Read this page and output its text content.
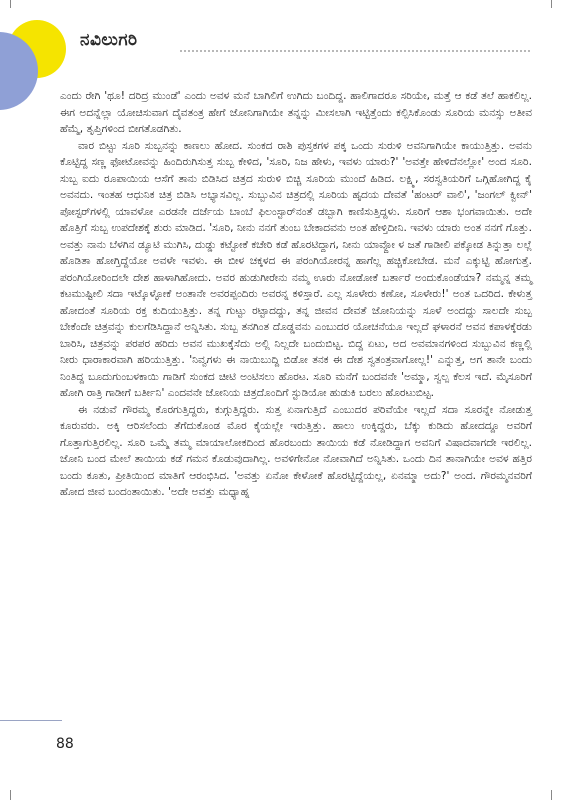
ನವಿಲುಗರಿ

ಎಂದು ರೇಗಿ 'ಥೂ! ದರಿದ್ರ ಮುಂಡೆ' ಎಂದು ಅವಳ ಮನೆ ಬಾಗಿಲಿಗೆ ಉಗಿದು ಬಂದಿದ್ದ. ಹಾಲಿಗಾದರೂ ಸರಿಯೇ, ಮತ್ತೆ ಆ ಕಡೆ ತಲೆ ಹಾಕಲಿಲ್ಲ. ಈಗ ಅದನ್ನೆಲ್ಲಾ ಯೋಚಿಸುವಾಗ ದೈವತಂತ್ರ ಹೇಗೆ ಜೋನಿಗಾಗಿಯೇ ತನ್ನನ್ನು ಮೀಸಲಾಗಿ ಇಟ್ಟಿತ್ತೆಂದು ಕಲ್ಪಿಸಿಕೊಂಡು ಸೂರಿಯ ಮನಸ್ಸು ಅತೀವ ಹೆಮ್ಮೆ, ತೃಪ್ತಿಗಳಿಂದ ಬೀಗತೊಡಗಿತು.

ವಾರ ಬಿಟ್ಟು ಸೂರಿ ಸುಬ್ಬನನ್ನು ಕಾಣಲು ಹೋದ. ಸುಂಕದ ರಾಶಿ ಪುಸ್ತಕಗಳ ಪಕ್ಕ ಒಂದು ಸುರುಳಿ ಅವನಿಗಾಗಿಯೇ ಕಾಯುತ್ತಿತ್ತು. ಅವನು ಕೊಟ್ಟಿದ್ದ ಸಣ್ಣ ಫೋಟೋವನ್ನು ಹಿಂದಿರುಗಿಸುತ್ತ ಸುಬ್ಬ ಕೇಳಿದ, 'ಸೂರಿ, ನಿಜ ಹೇಳು, ಇವಳು ಯಾರು?' 'ಅವತ್ತೇ ಹೇಳಿದೆನಲ್ಲೋ' ಅಂದ ಸೂರಿ. ಸುಬ್ಬ ಐದು ರೂಪಾಯಿಯ ಆಸೆಗೆ ತಾನು ಬಿಡಿಸಿದ ಚಿತ್ರದ ಸುರುಳಿ ಬಿಚ್ಚಿ ಸೂರಿಯ ಮುಂದೆ ಹಿಡಿದ. ಲಕ್ಷ್ಮಿ, ಸರಸ್ವತಿಯರಿಗೆ ಒಗ್ಗಿಹೋಗಿದ್ದ ಕೈ ಅವನದು. ಇಂತಹ ಆಧುನಿಕ ಚಿತ್ರ ಬಿಡಿಸಿ ಅಭ್ಯಾಸವಿಲ್ಲ. ಸುಬ್ಬುವಿನ ಚಿತ್ರದಲ್ಲಿ ಸೂರಿಯ ಹೃದಯ ದೇವತೆ 'ಹಂಟರ್ ವಾಲಿ', 'ಜಂಗಲ್ ಕ್ವೀನ್' ಪೋಸ್ಟರ್‌ಗಳಲ್ಲಿ ಯಾವಳೋ ಎರಡನೇ ದರ್ಜೆಯ ಬಾಂಬೆ ಫಿಲಂಸ್ಟಾರ್‌ನಂತೆ ಡಬ್ಬಾಗಿ ಕಾಣಿಸುತ್ತಿದ್ದಳು. ಸೂರಿಗೆ ಆಶಾ ಭಂಗವಾಯಿತು. ಅದೇ ಹೊತ್ತಿಗೆ ಸುಬ್ಬ ಉಪದೇಶಕ್ಕೆ ಶುರು ಮಾಡಿದ. 'ಸೂರಿ, ನೀನು ನನಗೆ ತುಂಬ ಬೇಕಾದವನು ಅಂತ ಹೇಳ್ತಿದೀನಿ. ಇವಳು ಯಾರು ಅಂತ ನನಗೆ ಗೊತ್ತು. ಅವತ್ತು ನಾನು ಬೆಳಗಿನ ಡ್ಯೂಟಿ ಮುಗಿಸಿ, ದುಡ್ಡು ಕಟ್ಟೋಕೆ ಕಚೇರಿ ಕಡೆ ಹೊರಟಿದ್ದಾಗ, ನೀನು ಯಾವ್ದೋ ಳ ಜತೆ ಗಾಡೀಲಿ ಪಕ್ಕೋಡ ತಿನ್ನುತ್ತಾ ಲಲ್ಲೆ ಹೊಡಿತಾ ಹೋಗ್ತಿದ್ದೆಯೋ ಅವಳೇ ಇವಳು. ಈ ಬೀಳ ಚಕ್ಕಳದ ಈ ಪರಂಗಿಯೋರನ್ನ ಹಾಗೆಲ್ಲ ಹಚ್ಚಿಕೋಬೇಡ. ಮನೆ ಎಕ್ಕುಟ್ಟಿ ಹೋಗುತ್ತೆ. ಪರಂಗಿಯೋರಿಂದಲೇ ದೇಶ ಹಾಳಾಗಿಹೋದು. ಅವರ ಹುಡುಗೀರೇನು ನಮ್ಮ ಊರು ನೋಡೋಕೆ ಬರ್ತಾರೆ ಅಂದುಕೊಂಡೆಯಾ? ನಮ್ಮನ್ನ ತಮ್ಮ ಕಟಮುಷ್ಟೀಲಿ ಸದಾ ಇಟ್ಕೊಳ್ಳೋಕೆ ಅಂತಾನೇ ಅವರಪ್ಪಂದಿರು ಅವರನ್ನ ಕಳಿಸ್ತಾರೆ. ಎಲ್ಲ ಸೂಳೇರು ಕಣೋ, ಸೂಳೇರು!' ಅಂತ ಒದರಿದ. ಕೇಳುತ್ತ ಹೋದಂತೆ ಸೂರಿಯ ರಕ್ತ ಕುದಿಯುತ್ತಿತ್ತು. ತನ್ನ ಗುಟ್ಟು ರಟ್ಟಾದದ್ದು, ತನ್ನ ಜೀವನ ದೇವತೆ ಜೋನಿಯನ್ನು ಸೂಳೆ ಅಂದದ್ದು ಸಾಲದೇ ಸುಬ್ಬ ಬೇಕೆಂದೇ ಚಿತ್ರವನ್ನು ಕುಲಗೆಡಿಸಿದ್ದಾನೆ ಅನ್ನಿಸಿತು. ಸುಬ್ಬ ತನಗಿಂತ ದೊಡ್ಡವನು ಎಂಬುದರ ಯೋಚನೆಯೂ ಇಲ್ಲದೆ ಘಳಾರನೆ ಅವನ ಕಪಾಳಕ್ಕೆರಡು ಬಾರಿಸಿ, ಚಿತ್ರವನ್ನು ಪರಪರ ಹರಿದು ಅವನ ಮುಖಕ್ಕೆಸೆದು ಅಲ್ಲಿ ನಿಲ್ಲದೇ ಬಂದುಬಿಟ್ಟ. ಬಿದ್ದ ಏಟು, ಅದ ಅವಮಾನಗಳಿಂದ ಸುಬ್ಬುವಿನ ಕಣ್ಣಲ್ಲಿ ನೀರು ಧಾರಾಕಾರವಾಗಿ ಹರಿಯುತ್ತಿತ್ತು. 'ನಿವ್ವಗಳು ಈ ನಾಯಿಬುದ್ದಿ ಬಿಡೋ ತನಕ ಈ ದೇಶ ಸ್ವತಂತ್ರವಾಗೋಲ್ಲ!' ಎನ್ನುತ್ತ, ಅಗ ತಾನೇ ಬಂದು ನಿಂತಿದ್ದ ಬೂದುಗುಂಬಳಕಾಯಿ ಗಾಡಿಗೆ ಸುಂಕದ ಚೀಟಿ ಅಂಟಿಸಲು ಹೊರಟ. ಸೂರಿ ಮನೆಗೆ ಬಂದವನೇ 'ಅಮ್ಮಾ, ಸ್ವಲ್ಪ ಕೆಲಸ ಇದೆ. ಮೈಸೂರಿಗೆ ಹೋಗಿ ರಾತ್ರಿ ಗಾಡೀಗೆ ಬರ್ತೀನಿ' ಎಂದವನೇ ಜೋನಿಯ ಚಿತ್ರದೊಂದಿಗೆ ಸ್ಟುಡಿಯೋ ಹುಡುಕಿ ಬರಲು ಹೊರಟುಬಿಟ್ಟ.

ಈ ನಡುವೆ ಗೌರಮ್ಮ ಕೊರಗುತ್ತಿದ್ದರು, ಕುಗ್ಗುತ್ತಿದ್ದರು. ಸುತ್ತ ಏನಾಗುತ್ತಿದೆ ಎಂಬುದರ ಪರಿವೆಯೇ ಇಲ್ಲದೆ ಸದಾ ಸೂರನ್ನೇ ನೋಡುತ್ತ ಕೂರುವರು. ಅಕ್ಕಿ ಆರಿಸಲೆಂದು ತೆಗೆದುಕೊಂಡ ಮೊರ ಕೈಯಲ್ಲೇ ಇರುತ್ತಿತ್ತು. ಹಾಲು ಉಕ್ಕಿದ್ದರು, ಬೆಕ್ಕು ಕುಡಿದು ಹೋದದ್ದೂ ಅವರಿಗೆ ಗೊತ್ತಾಗುತ್ತಿರಲಿಲ್ಲ. ಸೂರಿ ಒಮ್ಮೆ ತಮ್ಮ ಮಾಯಾಲೋಕದಿಂದ ಹೊರಬಂದು ತಾಯಿಯ ಕಡೆ ನೋಡಿದ್ದಾಗ ಅವನಿಗೆ ವಿಷಾದವಾಗದೇ ಇರಲಿಲ್ಲ. ಜೋನಿ ಬಂದ ಮೇಲೆ ತಾಯಿಯ ಕಡೆ ಗಮನ ಕೊಡುವುದಾಗಿಲ್ಲ. ಅವಳಿಗೇನೋ ನೋವಾಗಿದೆ ಅನ್ನಿಸಿತು. ಒಂದು ದಿನ ತಾನಾಗಿಯೇ ಅವಳ ಹತ್ತಿರ ಬಂದು ಕೂತು, ಪ್ರೀತಿಯಿಂದ ಮಾತಿಗೆ ಆರಂಭಿಸಿದ. 'ಅವತ್ತು ಏನೋ ಕೇಳೋಕೆ ಹೊರಟ್ಟಿದ್ದೆಯಲ್ಲ, ಏನಮ್ಮಾ ಅದು?' ಅಂದ. ಗೌರಮ್ಮನವರಿಗೆ ಹೋದ ಜೀವ ಬಂದಂತಾಯಿತು. 'ಅದೇ ಅವತ್ತು ಮಧ್ಯಾಹ್ನ

88
